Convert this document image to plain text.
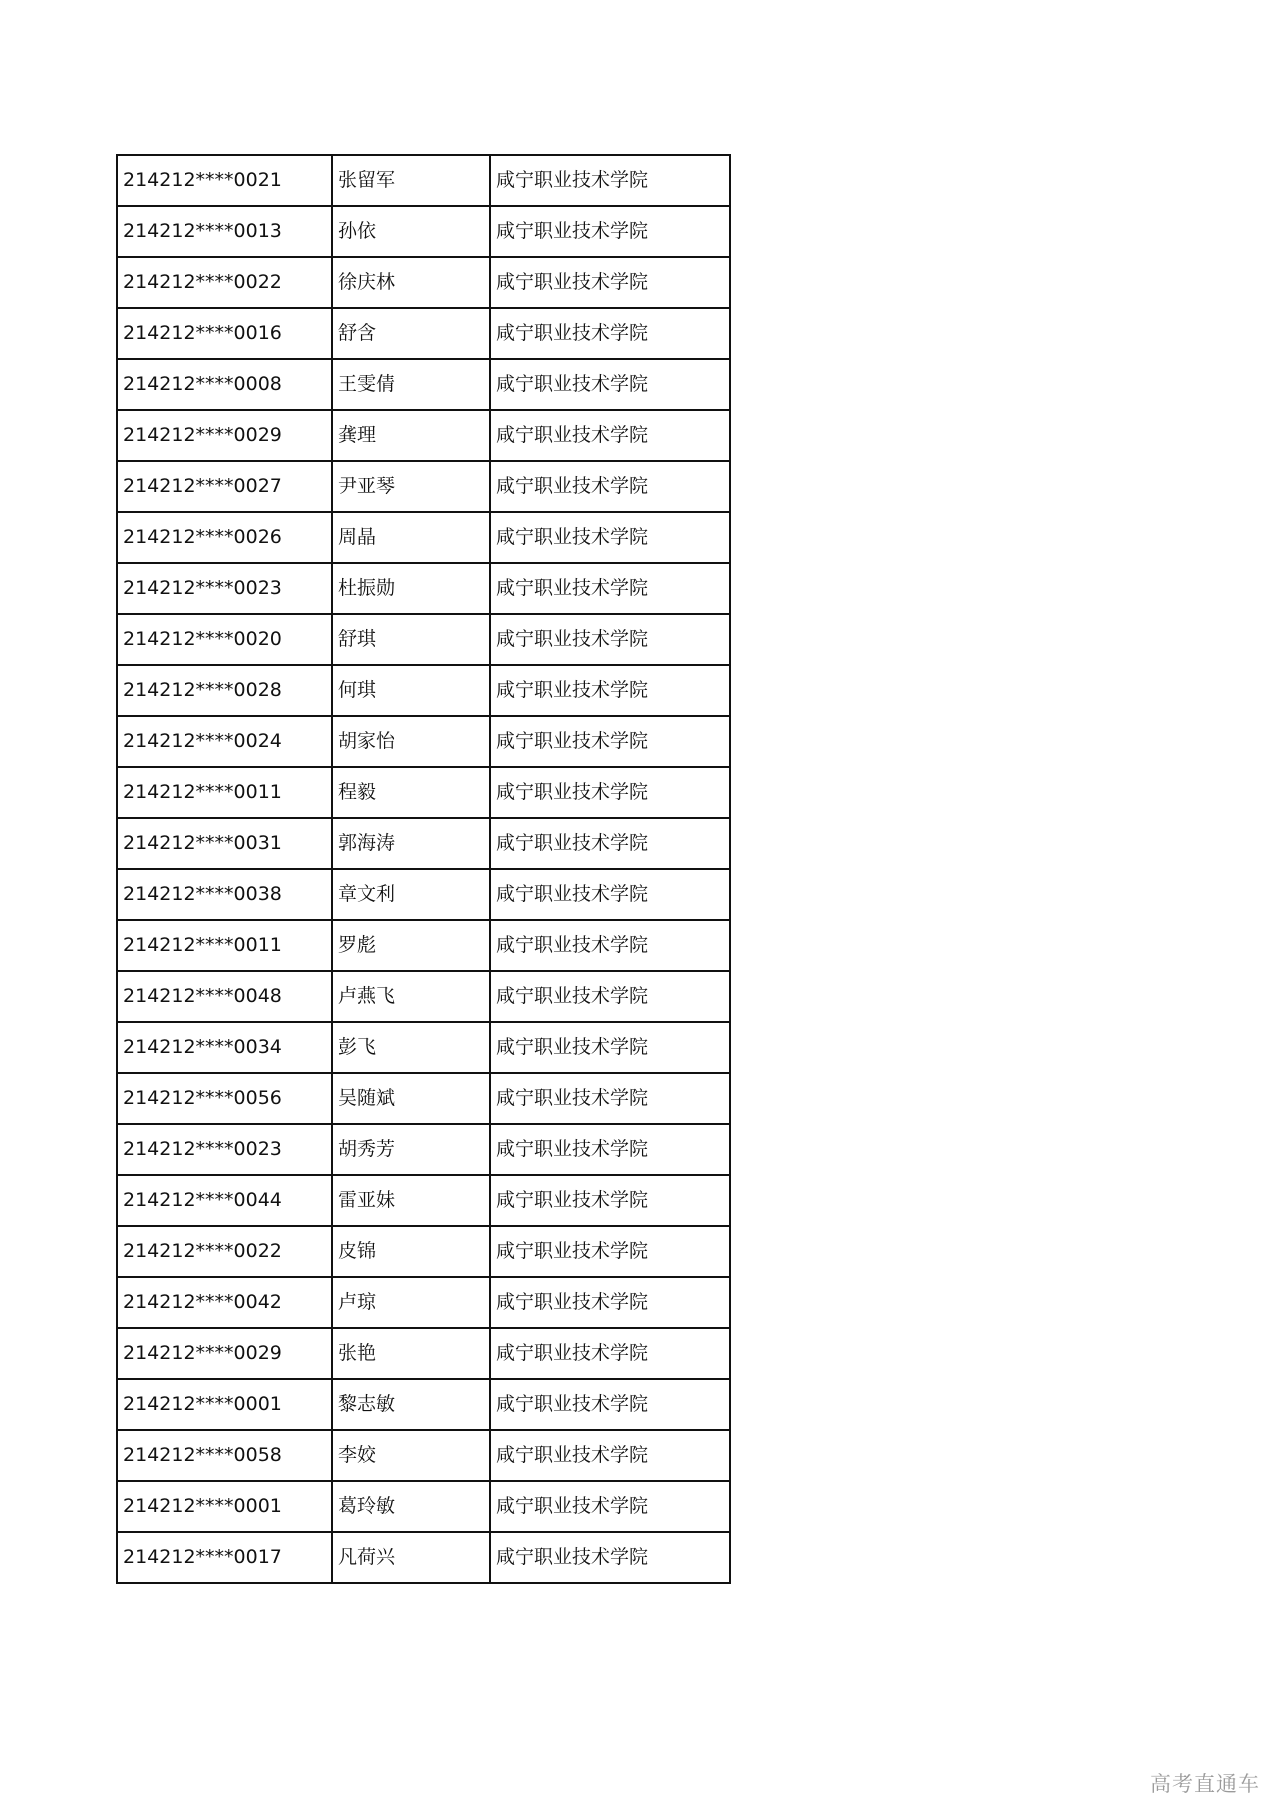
214212****0021	张留军	咸宁职业技术学院
214212****0013	孙依	咸宁职业技术学院
214212****0022	徐庆林	咸宁职业技术学院
214212****0016	舒含	咸宁职业技术学院
214212****0008	王雯倩	咸宁职业技术学院
214212****0029	龚理	咸宁职业技术学院
214212****0027	尹亚琴	咸宁职业技术学院
214212****0026	周晶	咸宁职业技术学院
214212****0023	杜振勋	咸宁职业技术学院
214212****0020	舒琪	咸宁职业技术学院
214212****0028	何琪	咸宁职业技术学院
214212****0024	胡家怡	咸宁职业技术学院
214212****0011	程毅	咸宁职业技术学院
214212****0031	郭海涛	咸宁职业技术学院
214212****0038	章文利	咸宁职业技术学院
214212****0011	罗彪	咸宁职业技术学院
214212****0048	卢燕飞	咸宁职业技术学院
214212****0034	彭飞	咸宁职业技术学院
214212****0056	吴随斌	咸宁职业技术学院
214212****0023	胡秀芳	咸宁职业技术学院
214212****0044	雷亚妹	咸宁职业技术学院
214212****0022	皮锦	咸宁职业技术学院
214212****0042	卢琼	咸宁职业技术学院
214212****0029	张艳	咸宁职业技术学院
214212****0001	黎志敏	咸宁职业技术学院
214212****0058	李姣	咸宁职业技术学院
214212****0001	葛玲敏	咸宁职业技术学院
214212****0017	凡荷兴	咸宁职业技术学院
高考直通车
